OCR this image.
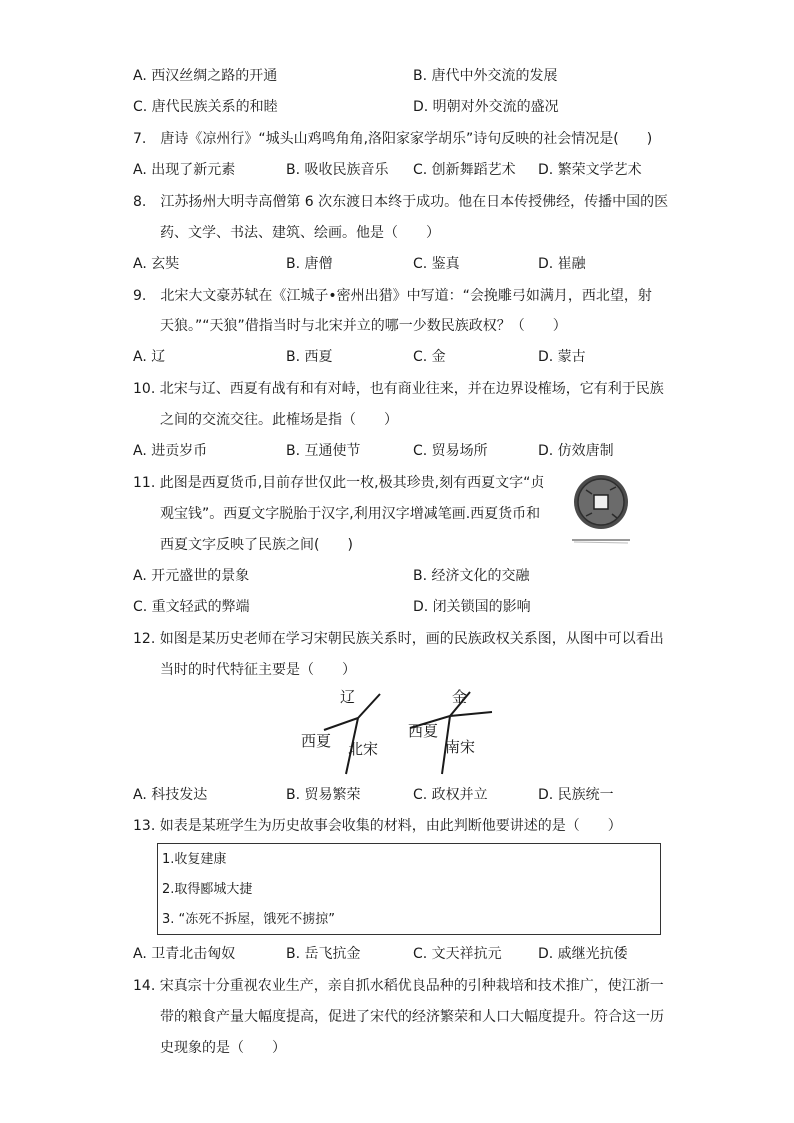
A. 西汉丝绸之路的开通	B. 唐代中外交流的发展
C. 唐代民族关系的和睦	D. 明朝对外交流的盛况
7.　唐诗《凉州行》“城头山鸡鸣角角,洛阳家家学胡乐”诗句反映的社会情况是(　　)
A. 出现了新元素	B. 吸收民族音乐 C. 创新舞蹈艺术 D. 繁荣文学艺术
8.　江苏扬州大明寺高僧第 6 次东渡日本终于成功。他在日本传授佛经，传播中国的医
药、文学、书法、建筑、绘画。他是（　　）
A. 玄奘	B. 唐僧	C. 鉴真	D. 崔融
9.　北宋大文豪苏轼在《江城子•密州出猎》中写道：“会挽雕弓如满月，西北望，射
天狼。”“天狼”借指当时与北宋并立的哪一少数民族政权？（　　）
A. 辽	B. 西夏	C. 金	D. 蒙古
10. 北宋与辽、西夏有战有和有对峙，也有商业往来，并在边界设榷场，它有利于民族
之间的交流交往。此榷场是指（　　）
A. 进贡岁币	B. 互通使节	C. 贸易场所	D. 仿效唐制
11. 此图是西夏货币,目前存世仅此一枚,极其珍贵,刻有西夏文字“贞
观宝钱”。西夏文字脱胎于汉字,利用汉字增减笔画.西夏货币和
西夏文字反映了民族之间(　　)
A. 开元盛世的景象	B. 经济文化的交融
C. 重文轻武的弊端	D. 闭关锁国的影响
12. 如图是某历史老师在学习宋朝民族关系时，画的民族政权关系图，从图中可以看出
当时的时代特征主要是（　　）
辽
西夏 北宋
金
西夏
南宋
A. 科技发达	B. 贸易繁荣	C. 政权并立	D. 民族统一
13. 如表是某班学生为历史故事会收集的材料，由此判断他要讲述的是（　　）
1.收复建康
2.取得郾城大捷
3. “冻死不拆屋，饿死不掳掠”
A. 卫青北击匈奴	B. 岳飞抗金	C. 文天祥抗元	D. 戚继光抗倭
14. 宋真宗十分重视农业生产，亲自抓水稻优良品种的引种栽培和技术推广，使江浙一
带的粮食产量大幅度提高，促进了宋代的经济繁荣和人口大幅度提升。符合这一历
史现象的是（　　）
